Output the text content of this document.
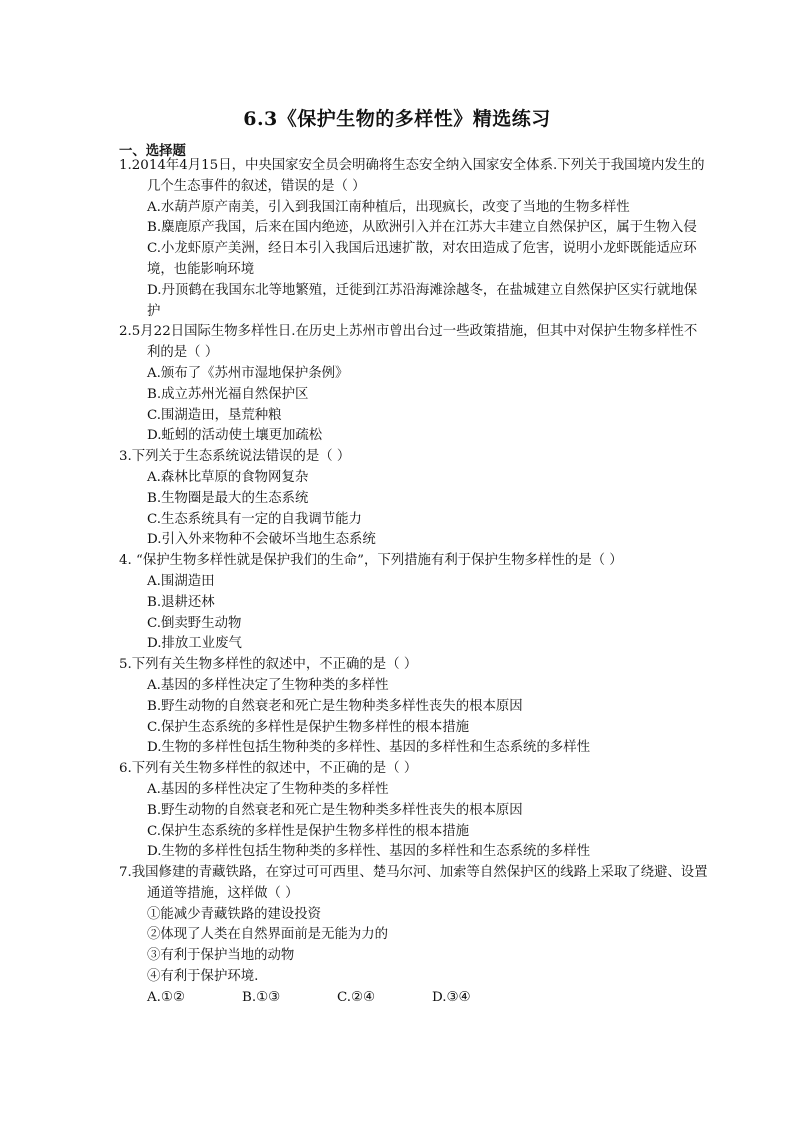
6.3《保护生物的多样性》精选练习
一、选择题
1.2014年4月15日，中央国家安全员会明确将生态安全纳入国家安全体系.下列关于我国境内发生的几个生态事件的叙述，错误的是（ ）
A.水葫芦原产南美，引入到我国江南种植后，出现疯长，改变了当地的生物多样性
B.麋鹿原产我国，后来在国内绝迹，从欧洲引入并在江苏大丰建立自然保护区，属于生物入侵
C.小龙虾原产美洲，经日本引入我国后迅速扩散，对农田造成了危害，说明小龙虾既能适应环境，也能影响环境
D.丹顶鹤在我国东北等地繁殖，迁徙到江苏沿海滩涂越冬，在盐城建立自然保护区实行就地保护
2.5月22日国际生物多样性日.在历史上苏州市曾出台过一些政策措施，但其中对保护生物多样性不利的是（ ）
A.颁布了《苏州市湿地保护条例》
B.成立苏州光福自然保护区
C.围湖造田，垦荒种粮
D.蚯蚓的活动使土壤更加疏松
3.下列关于生态系统说法错误的是（ ）
A.森林比草原的食物网复杂
B.生物圈是最大的生态系统
C.生态系统具有一定的自我调节能力
D.引入外来物种不会破坏当地生态系统
4. “保护生物多样性就是保护我们的生命”，下列措施有利于保护生物多样性的是（ ）
A.围湖造田
B.退耕还林
C.倒卖野生动物
D.排放工业废气
5.下列有关生物多样性的叙述中，不正确的是（ ）
A.基因的多样性决定了生物种类的多样性
B.野生动物的自然衰老和死亡是生物种类多样性丧失的根本原因
C.保护生态系统的多样性是保护生物多样性的根本措施
D.生物的多样性包括生物种类的多样性、基因的多样性和生态系统的多样性
6.下列有关生物多样性的叙述中，不正确的是（ ）
A.基因的多样性决定了生物种类的多样性
B.野生动物的自然衰老和死亡是生物种类多样性丧失的根本原因
C.保护生态系统的多样性是保护生物多样性的根本措施
D.生物的多样性包括生物种类的多样性、基因的多样性和生态系统的多样性
7.我国修建的青藏铁路，在穿过可可西里、楚马尔河、加索等自然保护区的线路上采取了绕避、设置通道等措施，这样做（ ）
①能减少青藏铁路的建设投资
②体现了人类在自然界面前是无能为力的
③有利于保护当地的动物
④有利于保护环境.
A.①②	B.①③	C.②④	D.③④
